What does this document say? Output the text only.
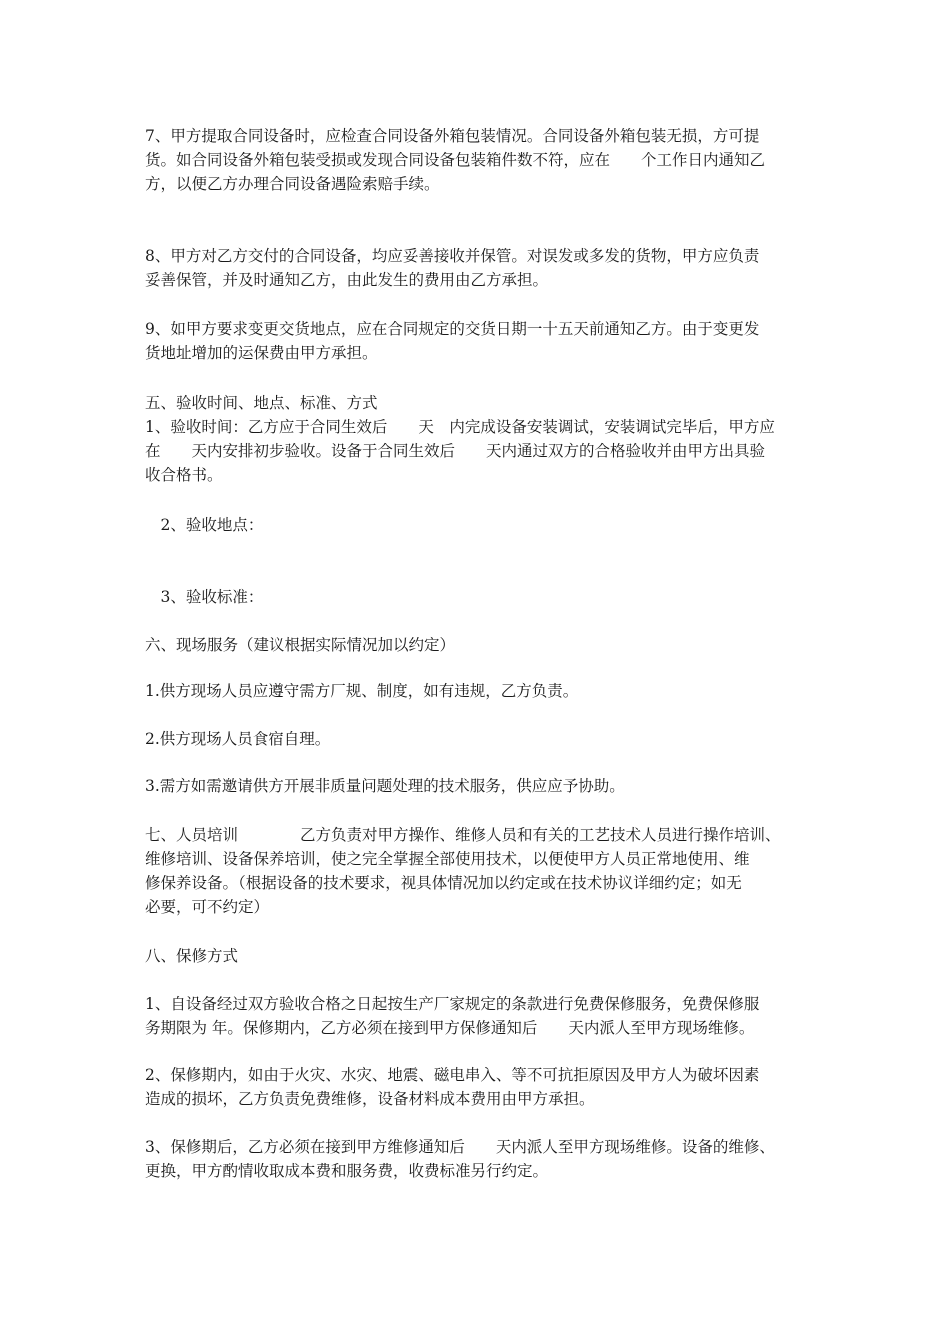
7、甲方提取合同设备时，应检查合同设备外箱包装情况。合同设备外箱包装无损，方可提

货。如合同设备外箱包装受损或发现合同设备包装箱件数不符，应在　　个工作日内通知乙

方，以便乙方办理合同设备遇险索赔手续。

8、甲方对乙方交付的合同设备，均应妥善接收并保管。对误发或多发的货物，甲方应负责

妥善保管，并及时通知乙方，由此发生的费用由乙方承担。

9、如甲方要求变更交货地点，应在合同规定的交货日期一十五天前通知乙方。由于变更发

货地址增加的运保费由甲方承担。

五、验收时间、地点、标准、方式

1、验收时间：乙方应于合同生效后　　天　内完成设备安装调试，安装调试完毕后，甲方应

在　　天内安排初步验收。设备于合同生效后　　天内通过双方的合格验收并由甲方出具验

收合格书。

　2、验收地点：

　3、验收标准：

六、现场服务（建议根据实际情况加以约定）

1.供方现场人员应遵守需方厂规、制度，如有违规，乙方负责。

2.供方现场人员食宿自理。

3.需方如需邀请供方开展非质量问题处理的技术服务，供应应予协助。

七、人员培训　　　　乙方负责对甲方操作、维修人员和有关的工艺技术人员进行操作培训、

维修培训、设备保养培训，使之完全掌握全部使用技术，以便使甲方人员正常地使用、维

修保养设备。（根据设备的技术要求，视具体情况加以约定或在技术协议详细约定；如无

必要，可不约定）

八、保修方式

1、自设备经过双方验收合格之日起按生产厂家规定的条款进行免费保修服务，免费保修服

务期限为 年。保修期内，乙方必须在接到甲方保修通知后　　天内派人至甲方现场维修。

2、保修期内，如由于火灾、水灾、地震、磁电串入、等不可抗拒原因及甲方人为破坏因素

造成的损坏，乙方负责免费维修，设备材料成本费用由甲方承担。

3、保修期后，乙方必须在接到甲方维修通知后　　天内派人至甲方现场维修。设备的维修、

更换，甲方酌情收取成本费和服务费，收费标准另行约定。
